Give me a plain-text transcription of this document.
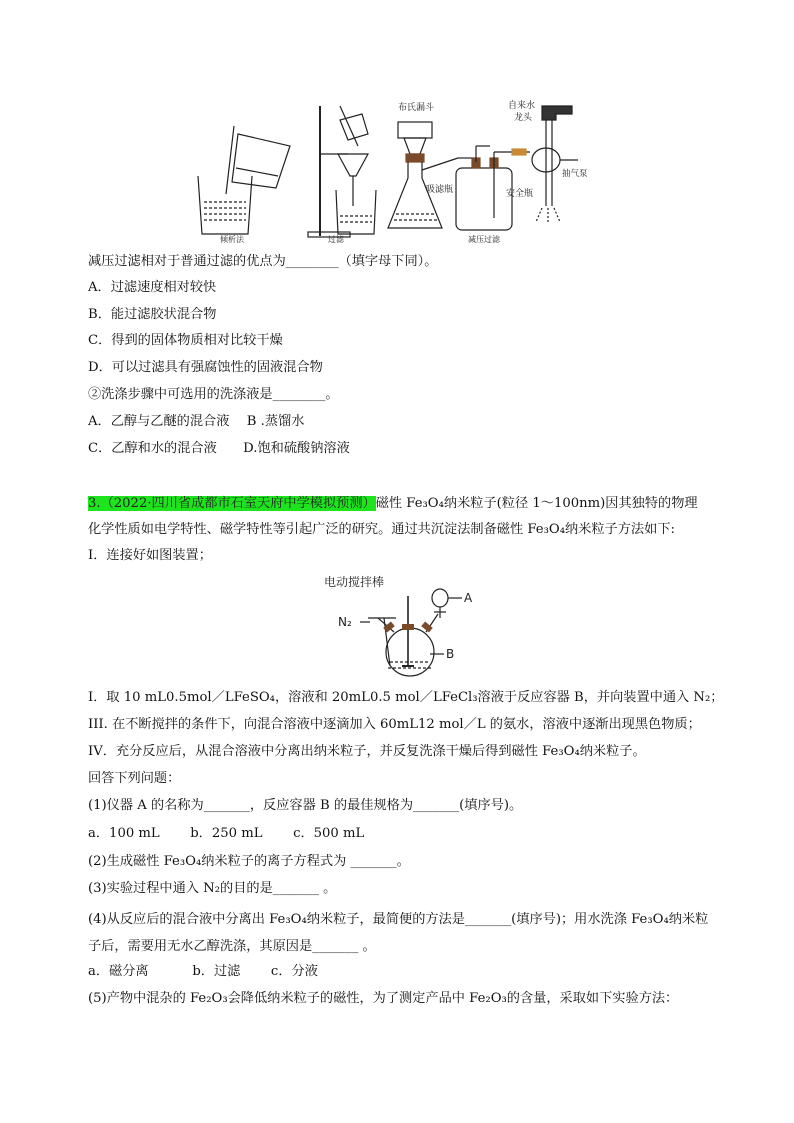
布氏漏斗	自来水
龙头
抽气泵
吸滤瓶	安全瓶
倾析法	过滤	减压过滤
减压过滤相对于普通过滤的优点为________（填字母下同）。
A．过滤速度相对较快
B．能过滤胶状混合物
C．得到的固体物质相对比较干燥
D．可以过滤具有强腐蚀性的固液混合物
②洗涤步骤中可选用的洗涤液是________。
A．乙醇与乙醚的混合液　 B .蒸馏水
C．乙醇和水的混合液　　D.饱和硫酸钠溶液
3.（2022·四川省成都市石室天府中学模拟预测）磁性 Fe₃O₄纳米粒子(粒径 1～100nm)因其独特的物理化学性质如电学特性、磁学特性等引起广泛的研究。通过共沉淀法制备磁性 Fe₃O₄纳米粒子方法如下:
I．连接好如图装置；
电动搅拌棒
N₂
A
B
I．取 10 mL0.5mol／LFeSO₄，溶液和 20mL0.5 mol／LFeCl₃溶液于反应容器 B，并向装置中通入 N₂；
III. 在不断搅拌的条件下，向混合溶液中逐滴加入 60mL12 mol／L 的氨水，溶液中逐渐出现黑色物质；
IV．充分反应后，从混合溶液中分离出纳米粒子，并反复洗涤干燥后得到磁性 Fe₃O₄纳米粒子。
回答下列问题：
(1)仪器 A 的名称为_______，反应容器 B 的最佳规格为_______(填序号)。
a．100 mL　　 b．250 mL　　 c．500 mL
(2)生成磁性 Fe₃O₄纳米粒子的离子方程式为 _______。
(3)实验过程中通入 N₂的目的是_______ 。
(4)从反应后的混合液中分离出 Fe₃O₄纳米粒子，最简便的方法是_______(填序号)；用水洗涤 Fe₃O₄纳米粒子后，需要用无水乙醇洗涤，其原因是_______ 。
a．磁分离　　　 b．过滤　　 c．分液
(5)产物中混杂的 Fe₂O₃会降低纳米粒子的磁性，为了测定产品中 Fe₂O₃的含量，采取如下实验方法：
